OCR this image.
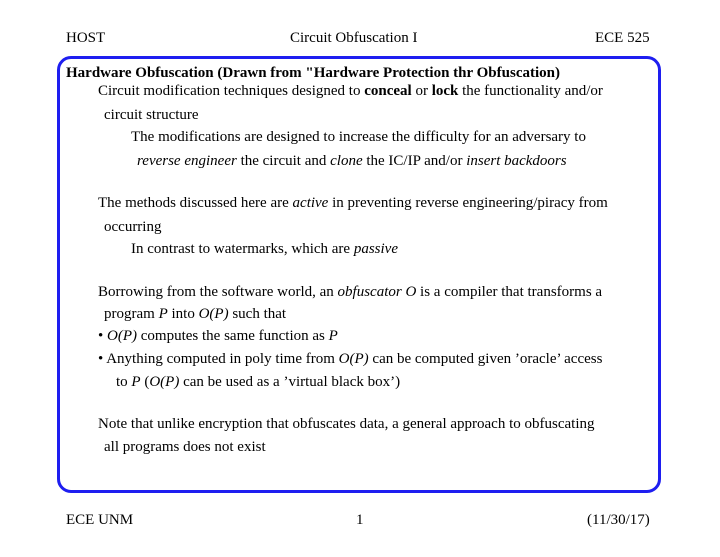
HOST	Circuit Obfuscation I	ECE 525
Hardware Obfuscation (Drawn from "Hardware Protection thr Obfuscation)
Circuit modification techniques designed to conceal or lock the functionality and/or
circuit structure
The modifications are designed to increase the difficulty for an adversary to
reverse engineer the circuit and clone the IC/IP and/or insert backdoors
The methods discussed here are active in preventing reverse engineering/piracy from
occurring
In contrast to watermarks, which are passive
Borrowing from the software world, an obfuscator O is a compiler that transforms a
program P into O(P) such that
• O(P) computes the same function as P
• Anything computed in poly time from O(P) can be computed given ’oracle’ access
to P (O(P) can be used as a ’virtual black box’)
Note that unlike encryption that obfuscates data, a general approach to obfuscating
all programs does not exist
ECE UNM	1	(11/30/17)
